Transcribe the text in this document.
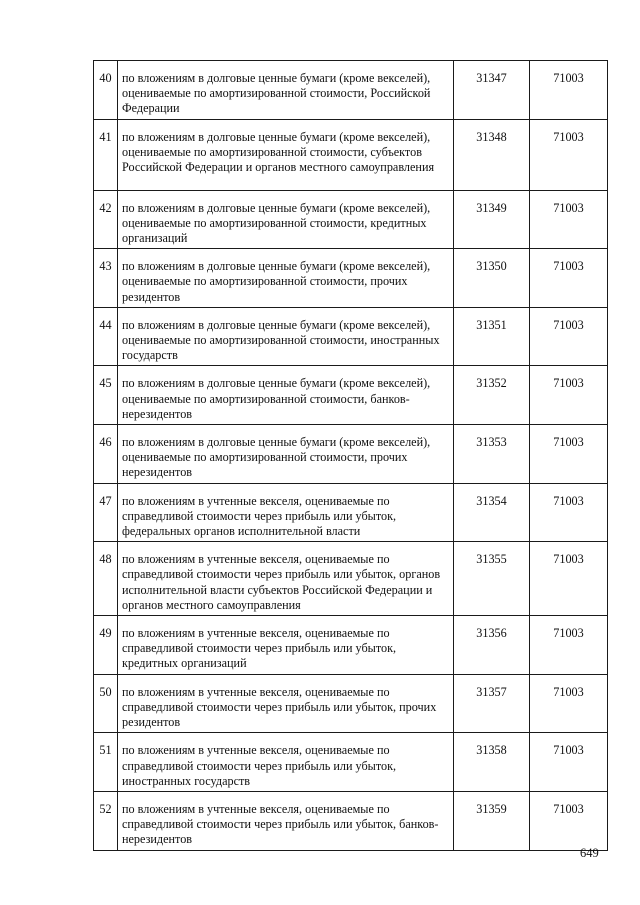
40	по вложениям в долговые ценные бумаги (кроме векселей), оцениваемые по амортизированной стоимости, Российской Федерации	31347	71003
41	по вложениям в долговые ценные бумаги (кроме векселей), оцениваемые по амортизированной стоимости, субъектов Российской Федерации и органов местного самоуправления	31348	71003
42	по вложениям в долговые ценные бумаги (кроме векселей), оцениваемые по амортизированной стоимости, кредитных организаций	31349	71003
43	по вложениям в долговые ценные бумаги (кроме векселей), оцениваемые по амортизированной стоимости, прочих резидентов	31350	71003
44	по вложениям в долговые ценные бумаги (кроме векселей), оцениваемые по амортизированной стоимости, иностранных государств	31351	71003
45	по вложениям в долговые ценные бумаги (кроме векселей), оцениваемые по амортизированной стоимости, банков-нерезидентов	31352	71003
46	по вложениям в долговые ценные бумаги (кроме векселей), оцениваемые по амортизированной стоимости, прочих нерезидентов	31353	71003
47	по вложениям в учтенные векселя, оцениваемые по справедливой стоимости через прибыль или убыток, федеральных органов исполнительной власти	31354	71003
48	по вложениям в учтенные векселя, оцениваемые по справедливой стоимости через прибыль или убыток, органов исполнительной власти субъектов Российской Федерации и органов местного самоуправления	31355	71003
49	по вложениям в учтенные векселя, оцениваемые по справедливой стоимости через прибыль или убыток, кредитных организаций	31356	71003
50	по вложениям в учтенные векселя, оцениваемые по справедливой стоимости через прибыль или убыток, прочих резидентов	31357	71003
51	по вложениям в учтенные векселя, оцениваемые по справедливой стоимости через прибыль или убыток, иностранных государств	31358	71003
52	по вложениям в учтенные векселя, оцениваемые по справедливой стоимости через прибыль или убыток, банков-нерезидентов	31359	71003
649
